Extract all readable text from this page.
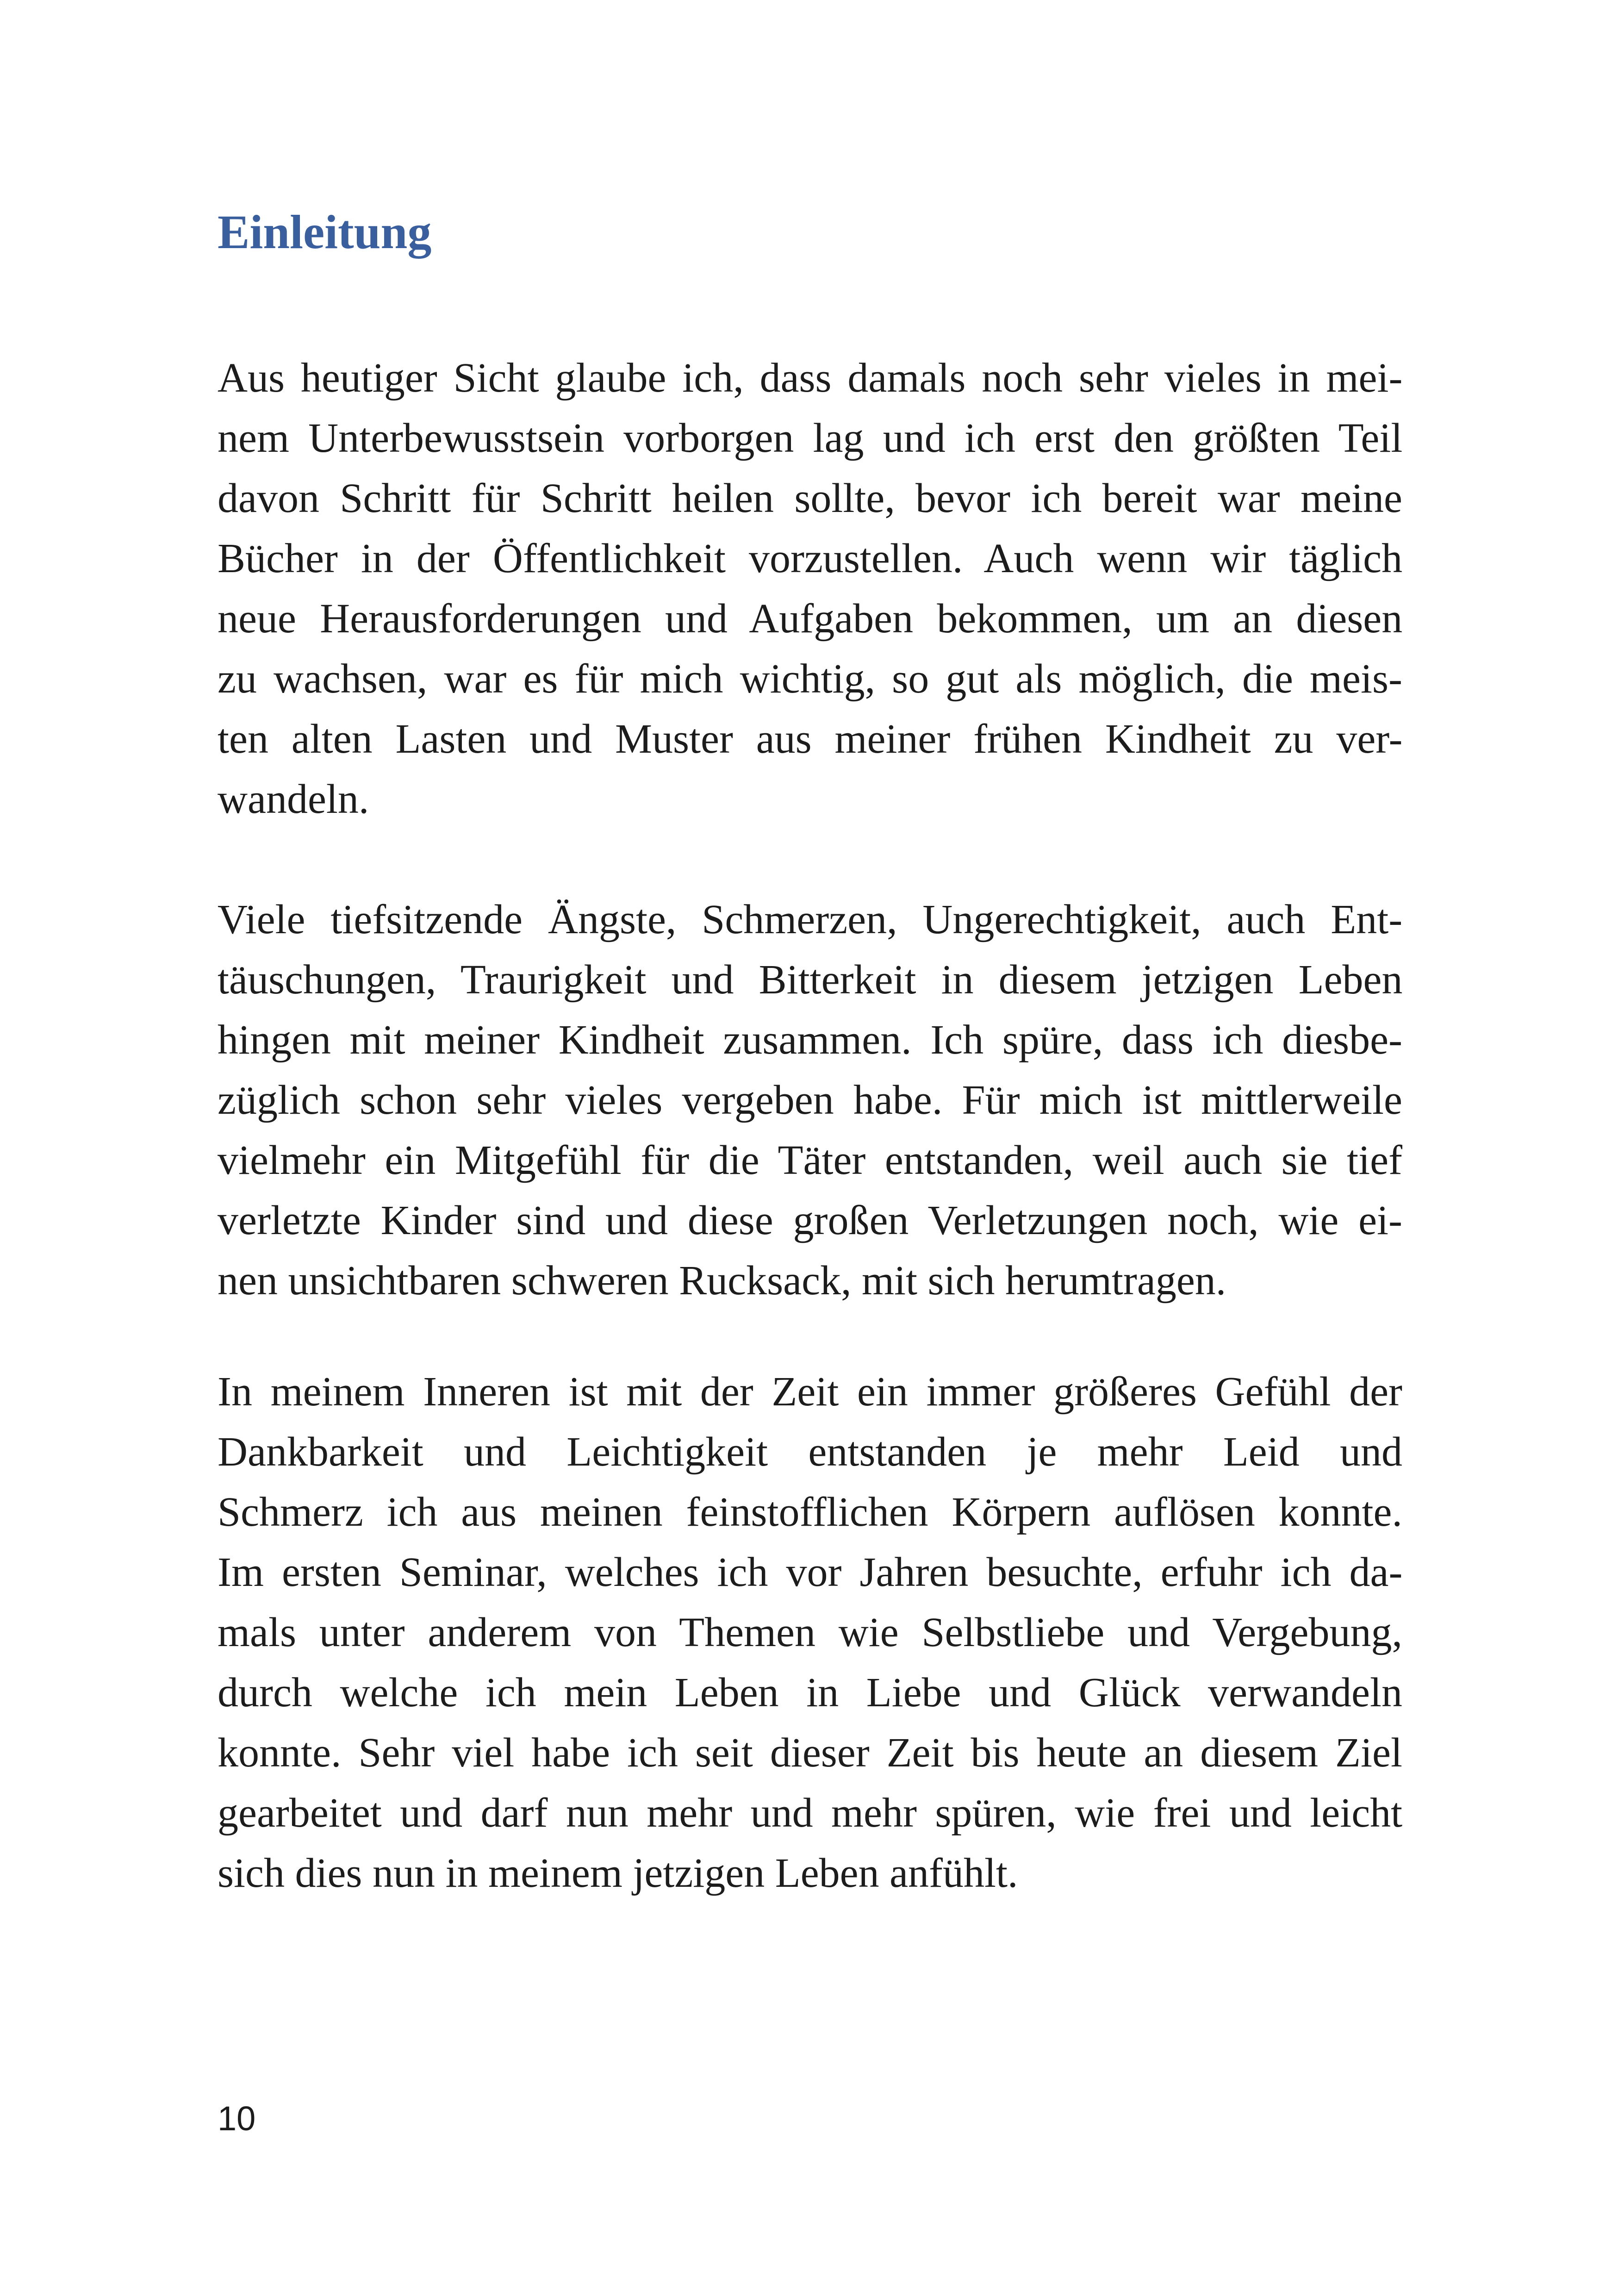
Einleitung
Aus heutiger Sicht glaube ich, dass damals noch sehr vieles in mei-
nem Unterbewusstsein vorborgen lag und ich erst den größten Teil
davon Schritt für Schritt heilen sollte, bevor ich bereit war meine
Bücher in der Öffentlichkeit vorzustellen. Auch wenn wir täglich
neue Herausforderungen und Aufgaben bekommen, um an diesen
zu wachsen, war es für mich wichtig, so gut als möglich, die meis-
ten alten Lasten und Muster aus meiner frühen Kindheit zu ver-
wandeln.
Viele tiefsitzende Ängste, Schmerzen, Ungerechtigkeit, auch Ent-
täuschungen, Traurigkeit und Bitterkeit in diesem jetzigen Leben
hingen mit meiner Kindheit zusammen. Ich spüre, dass ich diesbe-
züglich schon sehr vieles vergeben habe. Für mich ist mittlerweile
vielmehr ein Mitgefühl für die Täter entstanden, weil auch sie tief
verletzte Kinder sind und diese großen Verletzungen noch, wie ei-
nen unsichtbaren schweren Rucksack, mit sich herumtragen.
In meinem Inneren ist mit der Zeit ein immer größeres Gefühl der
Dankbarkeit und Leichtigkeit entstanden je mehr Leid und
Schmerz ich aus meinen feinstofflichen Körpern auflösen konnte.
Im ersten Seminar, welches ich vor Jahren besuchte, erfuhr ich da-
mals unter anderem von Themen wie Selbstliebe und Vergebung,
durch welche ich mein Leben in Liebe und Glück verwandeln
konnte. Sehr viel habe ich seit dieser Zeit bis heute an diesem Ziel
gearbeitet und darf nun mehr und mehr spüren, wie frei und leicht
sich dies nun in meinem jetzigen Leben anfühlt.
10
